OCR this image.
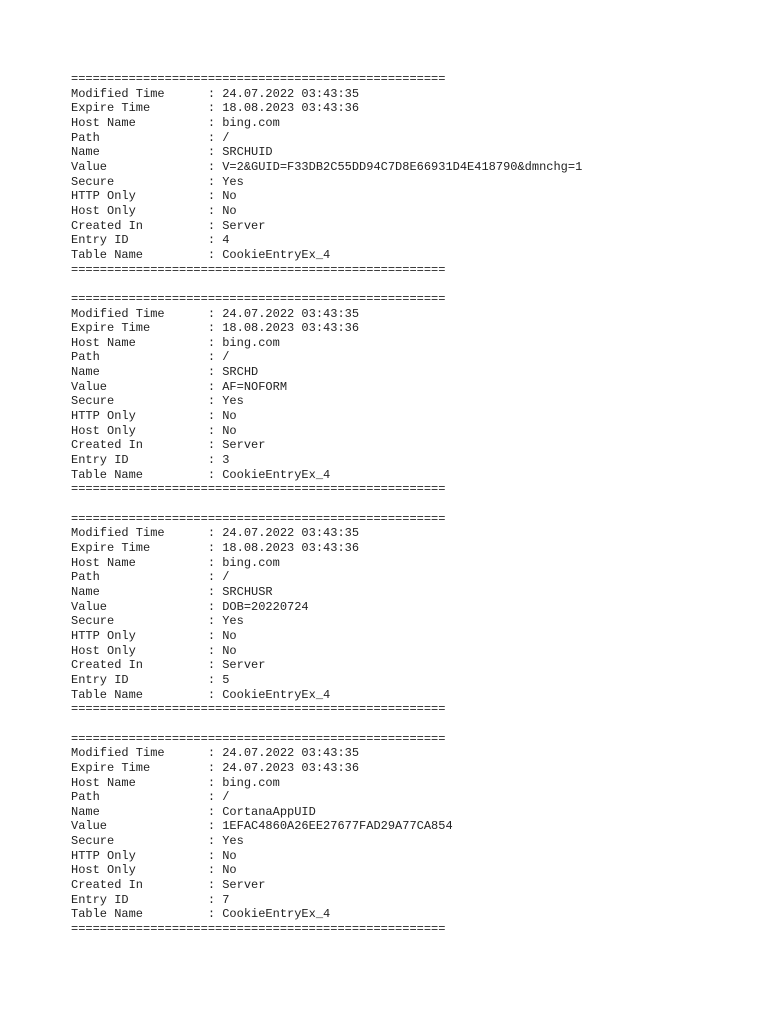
====================================================
Modified Time	: 24.07.2022 03:43:35
Expire Time	: 18.08.2023 03:43:36
Host Name	: bing.com
Path	: /
Name	: SRCHUID
Value	: V=2&GUID=F33DB2C55DD94C7D8E66931D4E418790&dmnchg=1
Secure	: Yes
HTTP Only	: No
Host Only	: No
Created In	: Server
Entry ID	: 4
Table Name	: CookieEntryEx_4
====================================================
====================================================
Modified Time	: 24.07.2022 03:43:35
Expire Time	: 18.08.2023 03:43:36
Host Name	: bing.com
Path	: /
Name	: SRCHD
Value	: AF=NOFORM
Secure	: Yes
HTTP Only	: No
Host Only	: No
Created In	: Server
Entry ID	: 3
Table Name	: CookieEntryEx_4
====================================================
====================================================
Modified Time	: 24.07.2022 03:43:35
Expire Time	: 18.08.2023 03:43:36
Host Name	: bing.com
Path	: /
Name	: SRCHUSR
Value	: DOB=20220724
Secure	: Yes
HTTP Only	: No
Host Only	: No
Created In	: Server
Entry ID	: 5
Table Name	: CookieEntryEx_4
====================================================
====================================================
Modified Time	: 24.07.2022 03:43:35
Expire Time	: 24.07.2023 03:43:36
Host Name	: bing.com
Path	: /
Name	: CortanaAppUID
Value	: 1EFAC4860A26EE27677FAD29A77CA854
Secure	: Yes
HTTP Only	: No
Host Only	: No
Created In	: Server
Entry ID	: 7
Table Name	: CookieEntryEx_4
====================================================
